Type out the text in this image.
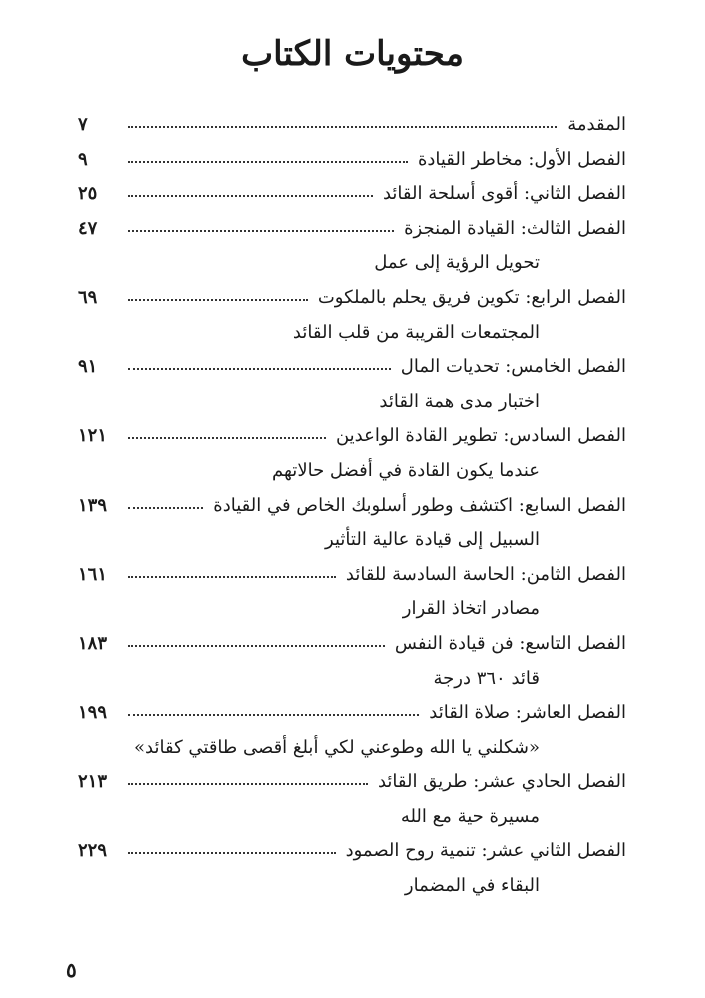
محتويات الكتاب
المقدمة
٧
الفصل الأول: مخاطر القيادة
٩
الفصل الثاني: أقوى أسلحة القائد
٢٥
الفصل الثالث: القيادة المنجزة
٤٧
تحويل الرؤية إلى عمل
الفصل الرابع: تكوين فريق يحلم بالملكوت
٦٩
المجتمعات القريبة من قلب القائد
الفصل الخامس: تحديات المال
٩١
اختبار مدى همة القائد
الفصل السادس: تطوير القادة الواعدين
١٢١
عندما يكون القادة في أفضل حالاتهم
الفصل السابع: اكتشف وطور أسلوبك الخاص في القيادة
١٣٩
السبيل إلى قيادة عالية التأثير
الفصل الثامن: الحاسة السادسة للقائد
١٦١
مصادر اتخاذ القرار
الفصل التاسع: فن قيادة النفس
١٨٣
قائد ٣٦٠ درجة
الفصل العاشر: صلاة القائد
١٩٩
«شكلني يا الله وطوعني لكي أبلغ أقصى طاقتي كقائد»
الفصل الحادي عشر: طريق القائد
٢١٣
مسيرة حية مع الله
الفصل الثاني عشر: تنمية روح الصمود
٢٢٩
البقاء في المضمار
٥
